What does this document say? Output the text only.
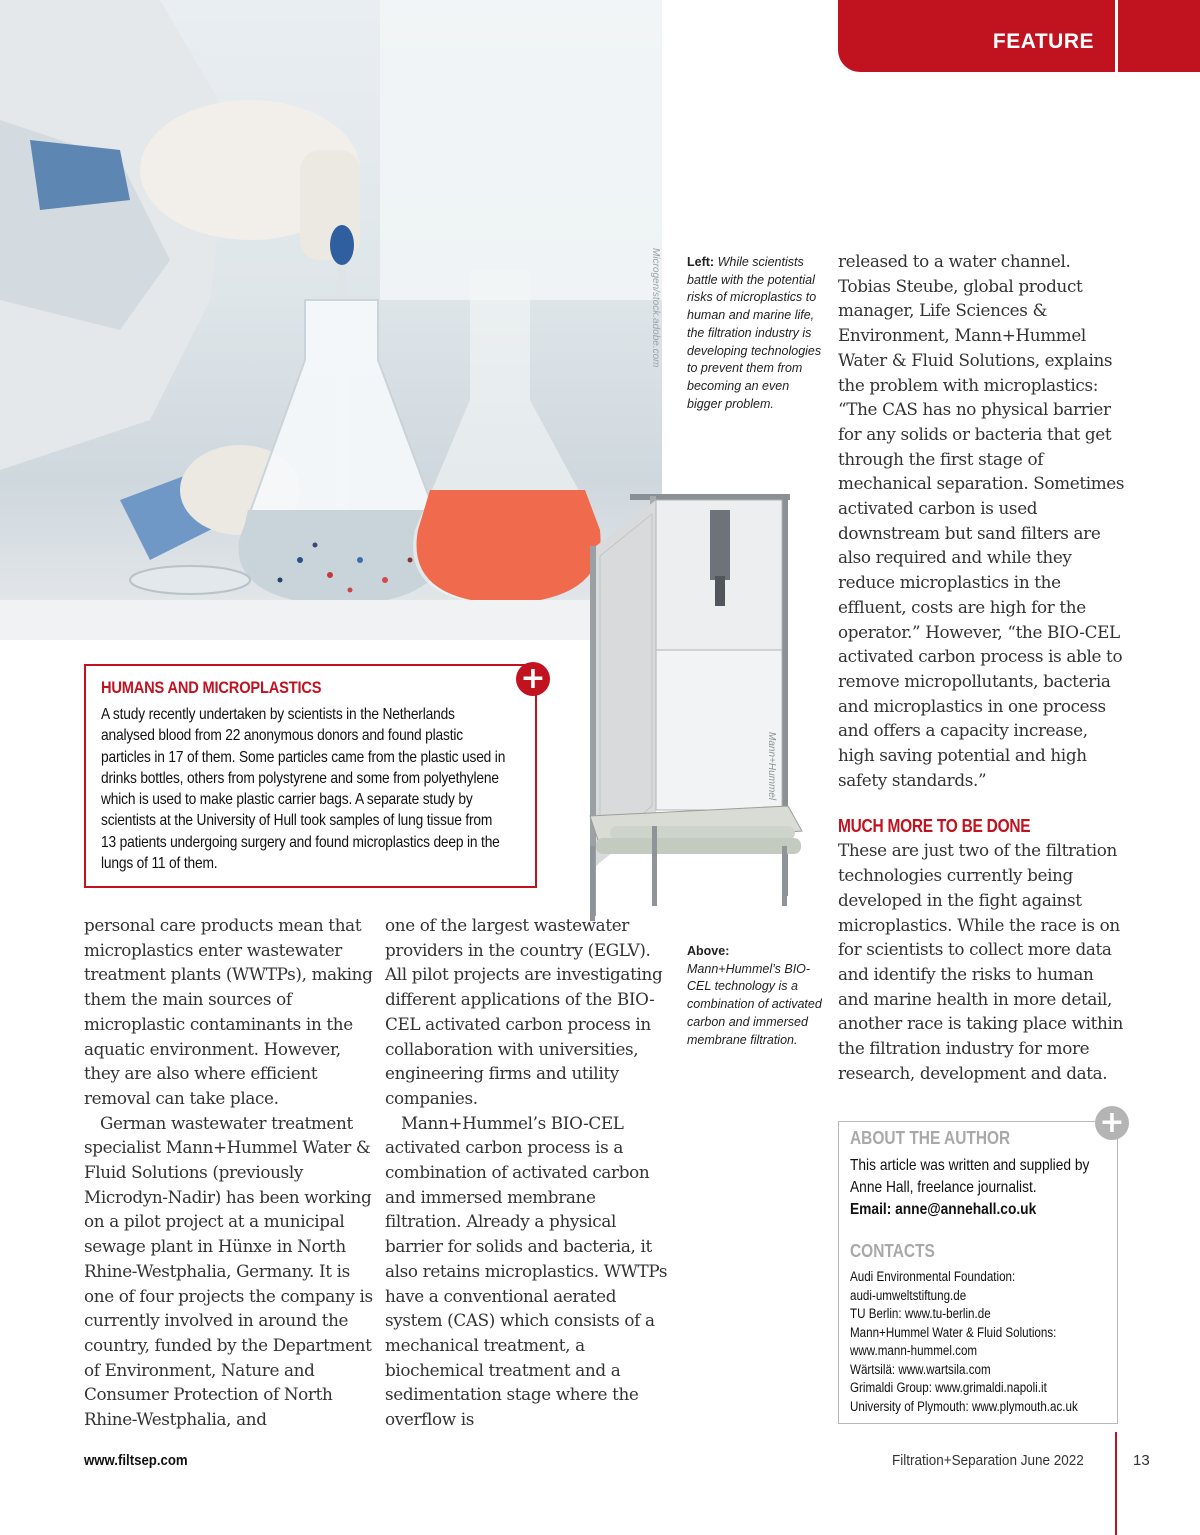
FEATURE
Microgen/stock.adobe.com Left: While scientists battle with the potential risks of microplastics to human and marine life, the filtration industry is developing technologies to prevent them from becoming an even bigger problem.
Mann+Hummel
Above:
Mann+Hummel’s BIO-CEL technology is a combination of activated carbon and immersed membrane filtration.
+
HUMANS AND MICROPLASTICS
A study recently undertaken by scientists in the Netherlands analysed blood from 22 anonymous donors and found plastic particles in 17 of them. Some particles came from the plastic used in drinks bottles, others from polystyrene and some from polyethylene which is used to make plastic carrier bags. A separate study by scientists at the University of Hull took samples of lung tissue from 13 patients undergoing surgery and found microplastics deep in the lungs of 11 of them.

personal care products mean that microplastics enter wastewater treatment plants (WWTPs), making them the main sources of microplastic contaminants in the aquatic environment. However, they are also where efficient removal can take place.

German wastewater treatment specialist Mann+Hummel Water & Fluid Solutions (previously Microdyn-Nadir) has been working on a pilot project at a municipal sewage plant in Hünxe in North Rhine-Westphalia, Germany. It is one of four projects the company is currently involved in around the country, funded by the Department of Environment, Nature and Consumer Protection of North Rhine-Westphalia, and

one of the largest wastewater providers in the country (EGLV). All pilot projects are investigating different applications of the BIO-CEL activated carbon process in collaboration with universities, engineering firms and utility companies.

Mann+Hummel’s BIO-CEL activated carbon process is a combination of activated carbon and immersed membrane filtration. Already a physical barrier for solids and bacteria, it also retains microplastics. WWTPs have a conventional aerated system (CAS) which consists of a mechanical treatment, a biochemical treatment and a sedimentation stage where the overflow is

released to a water channel. Tobias Steube, global product manager, Life Sciences & Environment, Mann+Hummel Water & Fluid Solutions, explains the problem with microplastics: “The CAS has no physical barrier for any solids or bacteria that get through the first stage of mechanical separation. Sometimes activated carbon is used downstream but sand filters are also required and while they reduce microplastics in the effluent, costs are high for the operator.” However, “the BIO-CEL activated carbon process is able to remove micropollutants, bacteria and microplastics in one process and offers a capacity increase, high saving potential and high safety standards.”

MUCH MORE TO BE DONE

These are just two of the filtration technologies currently being developed in the fight against microplastics. While the race is on for scientists to collect more data and identify the risks to human and marine health in more detail, another race is taking place within the filtration industry for more research, development and data.

+
ABOUT THE AUTHOR
This article was written and supplied by Anne Hall, freelance journalist.
Email: anne@annehall.co.uk
CONTACTS
Audi Environmental Foundation:
audi-umweltstiftung.de
TU Berlin: www.tu-berlin.de
Mann+Hummel Water & Fluid Solutions:
www.mann-hummel.com
Wärtsilä: www.wartsila.com
Grimaldi Group: www.grimaldi.napoli.it
University of Plymouth: www.plymouth.ac.uk
www.filtsep.com	Filtration+Separation June 2022	13
